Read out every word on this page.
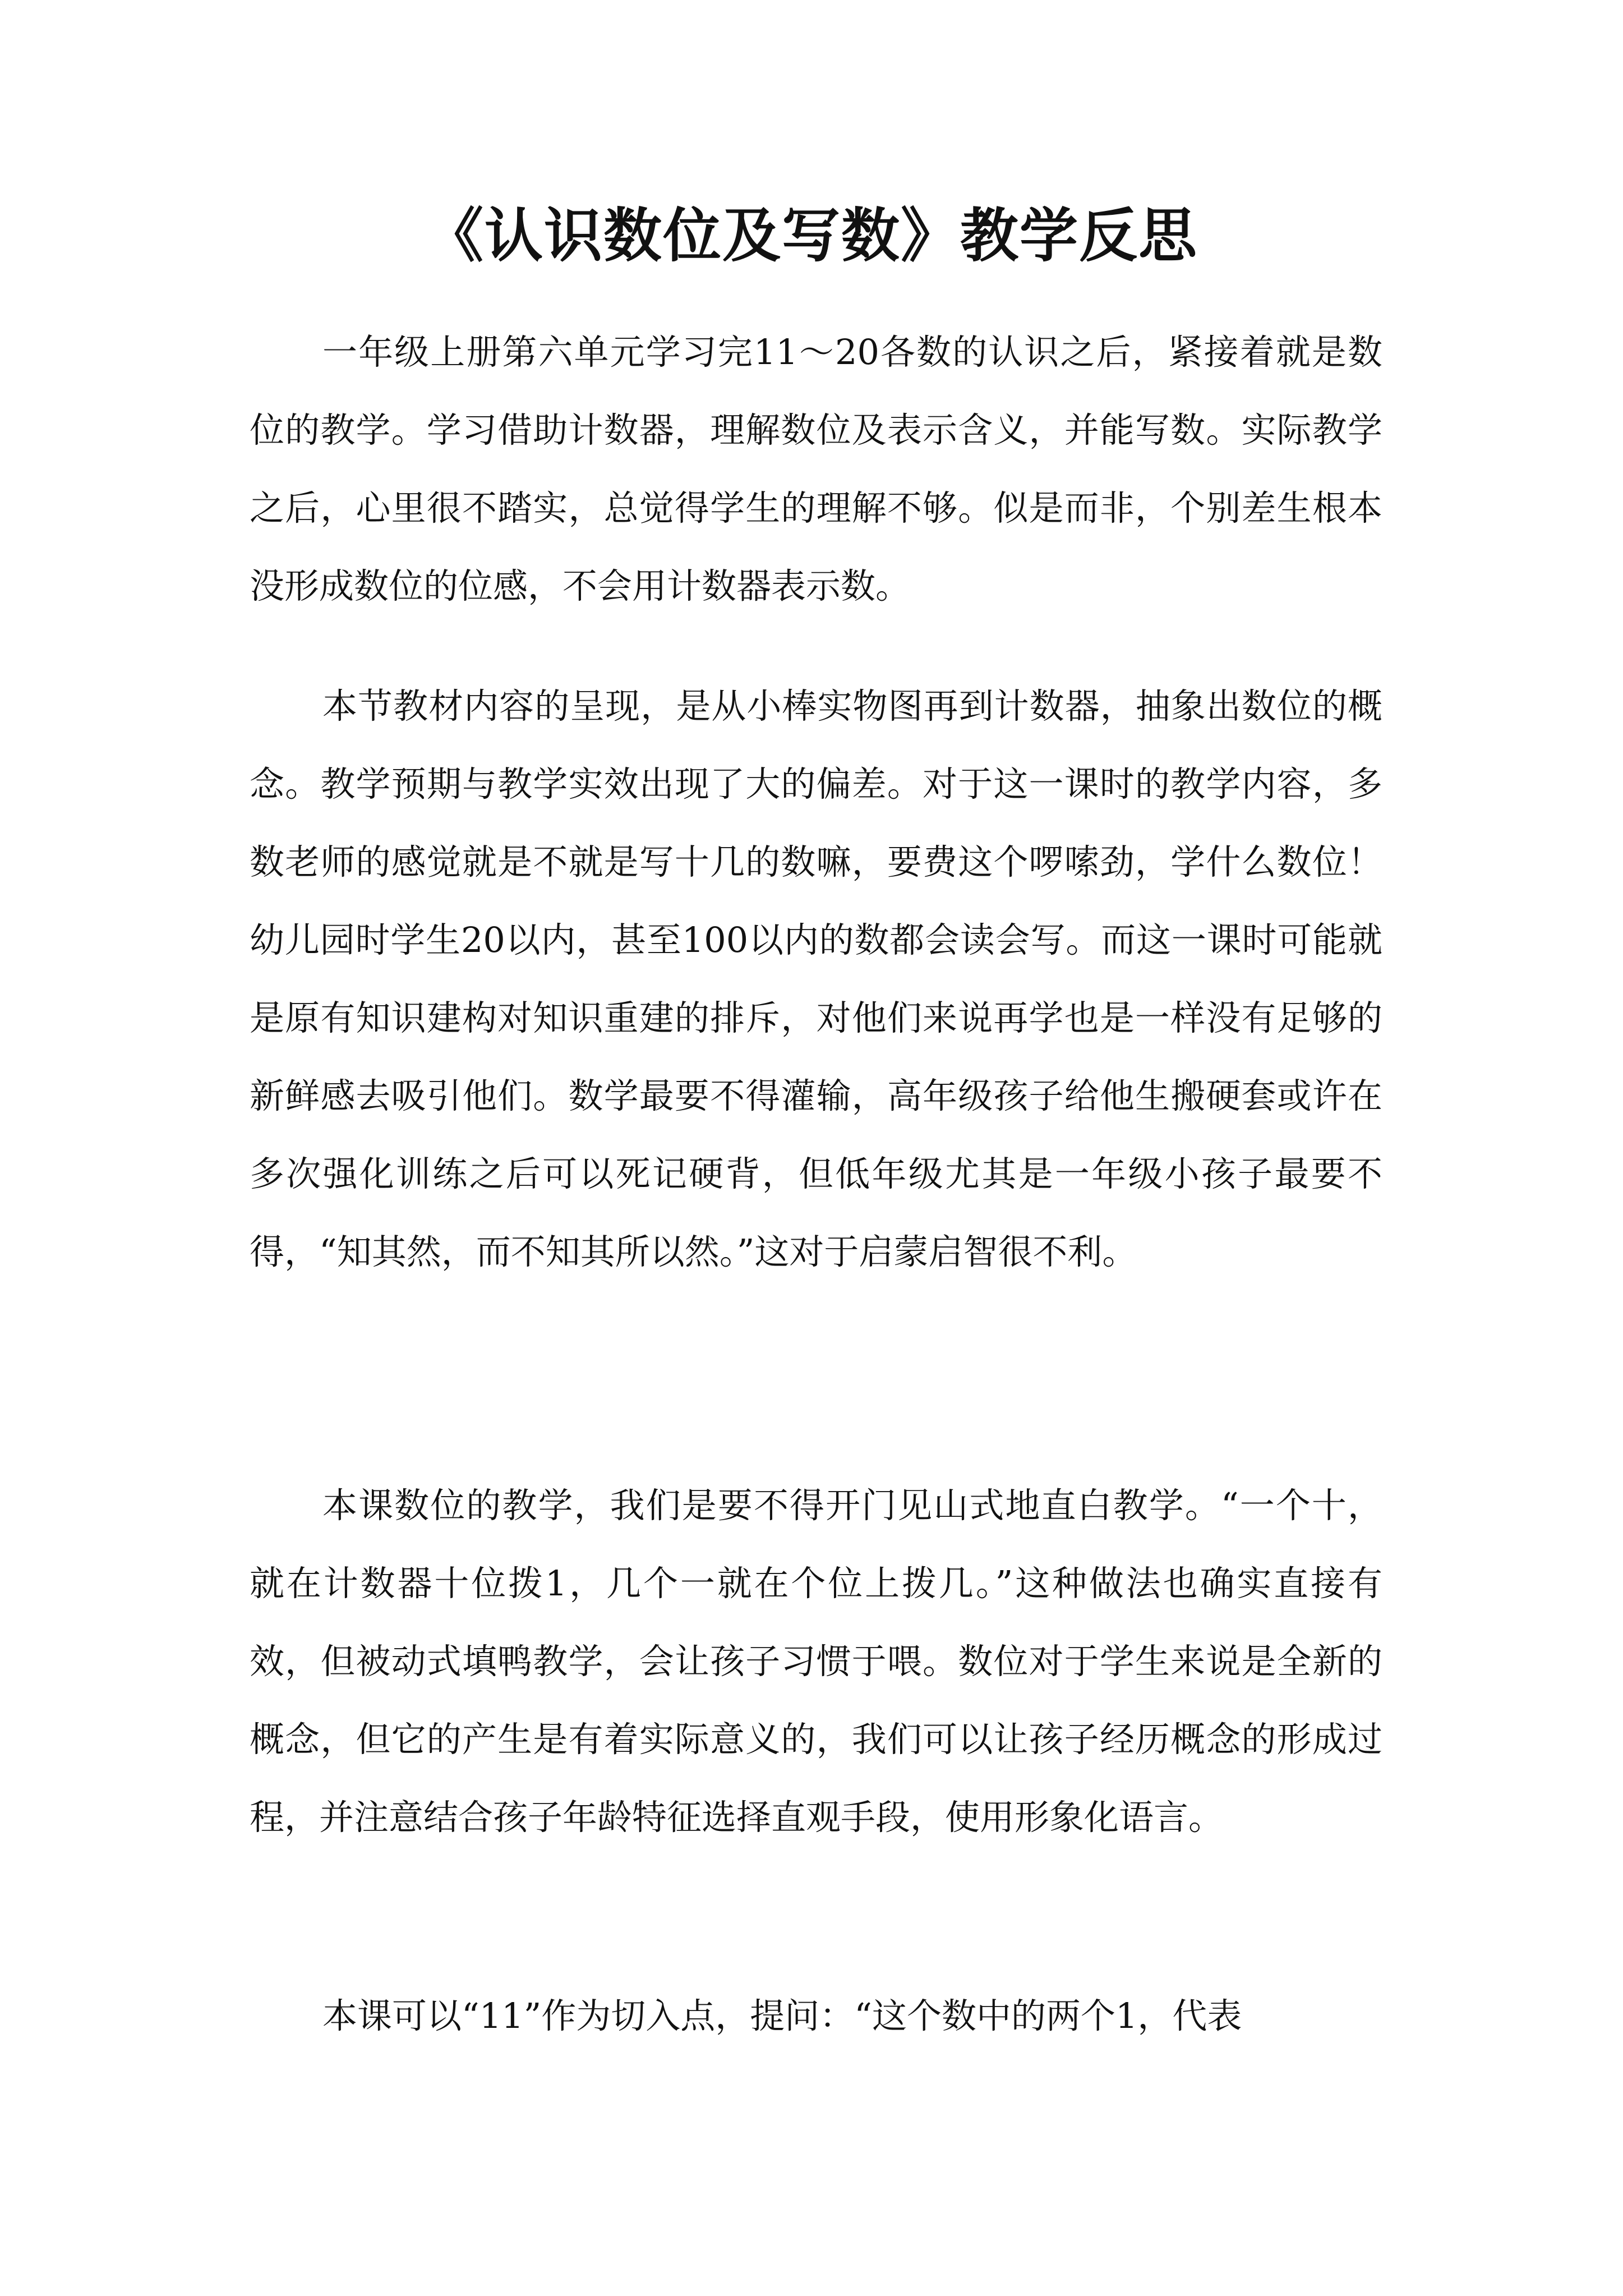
《认识数位及写数》教学反思

一年级上册第六单元学习完11～20各数的认识之后，紧接着就是数位的教学。学习借助计数器，理解数位及表示含义，并能写数。实际教学之后，心里很不踏实，总觉得学生的理解不够。似是而非，个别差生根本没形成数位的位感，不会用计数器表示数。

本节教材内容的呈现，是从小棒实物图再到计数器，抽象出数位的概念。教学预期与教学实效出现了大的偏差。对于这一课时的教学内容，多数老师的感觉就是不就是写十几的数嘛，要费这个啰嗦劲，学什么数位！幼儿园时学生20以内，甚至100以内的数都会读会写。而这一课时可能就是原有知识建构对知识重建的排斥，对他们来说再学也是一样没有足够的新鲜感去吸引他们。数学最要不得灌输，高年级孩子给他生搬硬套或许在多次强化训练之后可以死记硬背，但低年级尤其是一年级小孩子最要不得，“知其然，而不知其所以然。”这对于启蒙启智很不利。

本课数位的教学，我们是要不得开门见山式地直白教学。“一个十，就在计数器十位拨1，几个一就在个位上拨几。”这种做法也确实直接有效，但被动式填鸭教学，会让孩子习惯于喂。数位对于学生来说是全新的概念，但它的产生是有着实际意义的，我们可以让孩子经历概念的形成过程，并注意结合孩子年龄特征选择直观手段，使用形象化语言。

本课可以“11”作为切入点，提问：“这个数中的两个1，代表
